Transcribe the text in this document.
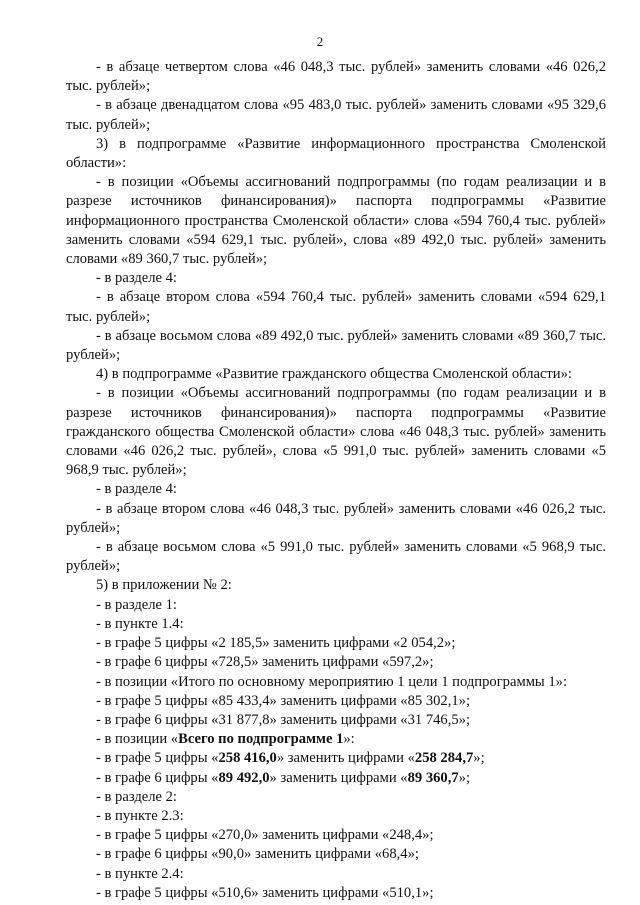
2

- в абзаце четвертом слова «46 048,3 тыс. рублей» заменить словами «46 026,2 тыс. рублей»;

- в абзаце двенадцатом слова «95 483,0 тыс. рублей» заменить словами «95 329,6 тыс. рублей»;

3) в подпрограмме «Развитие информационного пространства Смоленской области»:

- в позиции «Объемы ассигнований подпрограммы (по годам реализации и в разрезе источников финансирования)» паспорта подпрограммы «Развитие информационного пространства Смоленской области» слова «594 760,4 тыс. рублей» заменить словами «594 629,1 тыс. рублей», слова «89 492,0 тыс. рублей» заменить словами «89 360,7 тыс. рублей»;

- в разделе 4:

- в абзаце втором слова «594 760,4 тыс. рублей» заменить словами «594 629,1 тыс. рублей»;

- в абзаце восьмом слова «89 492,0 тыс. рублей» заменить словами «89 360,7 тыс. рублей»;

4) в подпрограмме «Развитие гражданского общества Смоленской области»:

- в позиции «Объемы ассигнований подпрограммы (по годам реализации и в разрезе источников финансирования)» паспорта подпрограммы «Развитие гражданского общества Смоленской области» слова «46 048,3 тыс. рублей» заменить словами «46 026,2 тыс. рублей», слова «5 991,0 тыс. рублей» заменить словами «5 968,9 тыс. рублей»;

- в разделе 4:

- в абзаце втором слова «46 048,3 тыс. рублей» заменить словами «46 026,2 тыс. рублей»;

- в абзаце восьмом слова «5 991,0 тыс. рублей» заменить словами «5 968,9 тыс. рублей»;

5) в приложении № 2:

- в разделе 1:

- в пункте 1.4:

- в графе 5 цифры «2 185,5» заменить цифрами «2 054,2»;

- в графе 6 цифры «728,5» заменить цифрами «597,2»;

- в позиции «Итого по основному мероприятию 1 цели 1 подпрограммы 1»:

- в графе 5 цифры «85 433,4» заменить цифрами «85 302,1»;

- в графе 6 цифры «31 877,8» заменить цифрами «31 746,5»;

- в позиции «Всего по подпрограмме 1»:

- в графе 5 цифры «258 416,0» заменить цифрами «258 284,7»;

- в графе 6 цифры «89 492,0» заменить цифрами «89 360,7»;

- в разделе 2:

- в пункте 2.3:

- в графе 5 цифры «270,0» заменить цифрами «248,4»;

- в графе 6 цифры «90,0» заменить цифрами «68,4»;

- в пункте 2.4:

- в графе 5 цифры «510,6» заменить цифрами «510,1»;
